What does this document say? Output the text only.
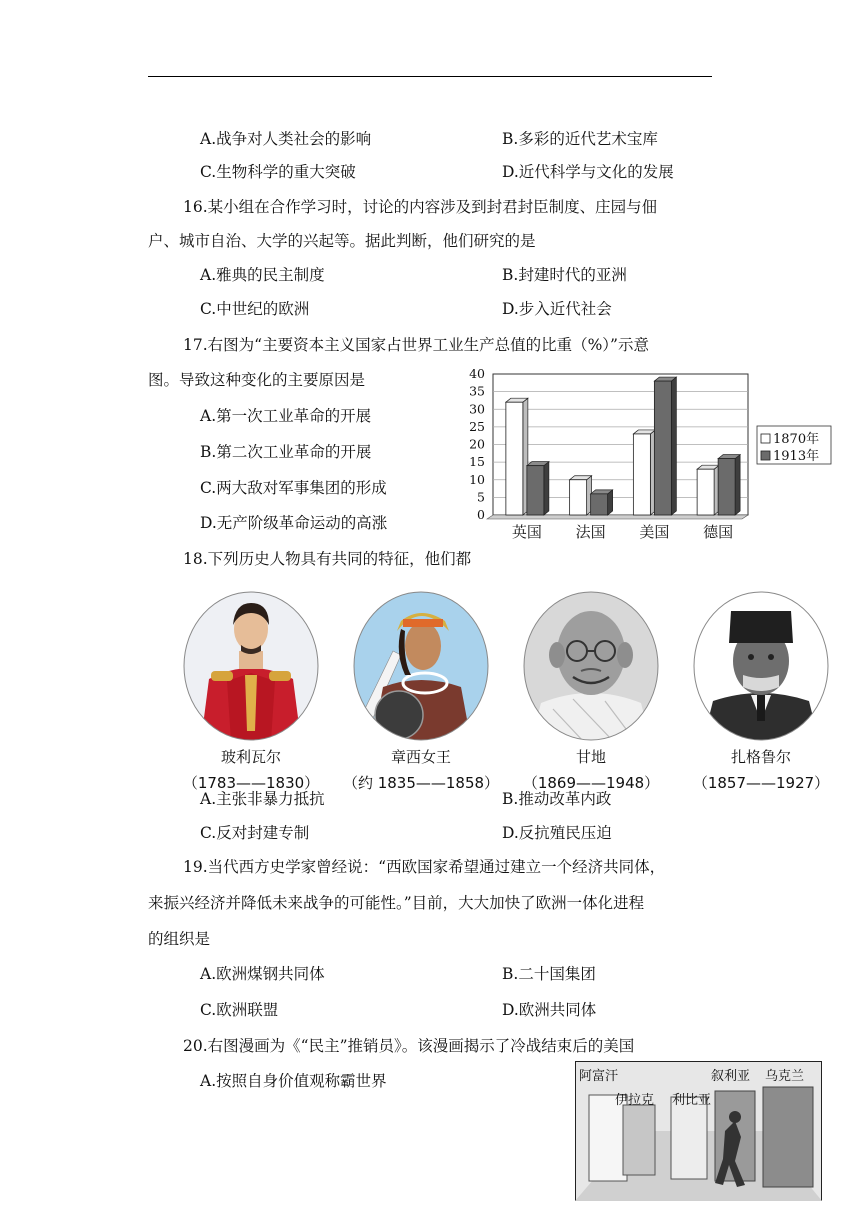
A.战争对人类社会的影响	B.多彩的近代艺术宝库
C.生物科学的重大突破	D.近代科学与文化的发展
16.某小组在合作学习时，讨论的内容涉及到封君封臣制度、庄园与佃
户、城市自治、大学的兴起等。据此判断，他们研究的是
A.雅典的民主制度	B.封建时代的亚洲
C.中世纪的欧洲	D.步入近代社会
17.右图为“主要资本主义国家占世界工业生产总值的比重（%）”示意
图。导致这种变化的主要原因是
A.第一次工业革命的开展
B.第二次工业革命的开展
C.两大敌对军事集团的形成
D.无产阶级革命运动的高涨	0
5
10
15
20
25
30
35
40
英国 法国 美国 德国
1870年
1913年
18.下列历史人物具有共同的特征，他们都
玻利瓦尔
（1783——1830）
章西女王
（约 1835——1858）
甘地
（1869——1948）
扎格鲁尔
（1857——1927）
A.主张非暴力抵抗	B.推动改革内政
C.反对封建专制	D.反抗殖民压迫
19.当代西方史学家曾经说：“西欧国家希望通过建立一个经济共同体，
来振兴经济并降低未来战争的可能性。”目前，大大加快了欧洲一体化进程
的组织是
A.欧洲煤钢共同体	B.二十国集团
C.欧洲联盟	D.欧洲共同体
20.右图漫画为《“民主”推销员》。该漫画揭示了冷战结束后的美国
A.按照自身价值观称霸世界	阿富汗
伊拉克 利比亚
叙利亚 乌克兰
